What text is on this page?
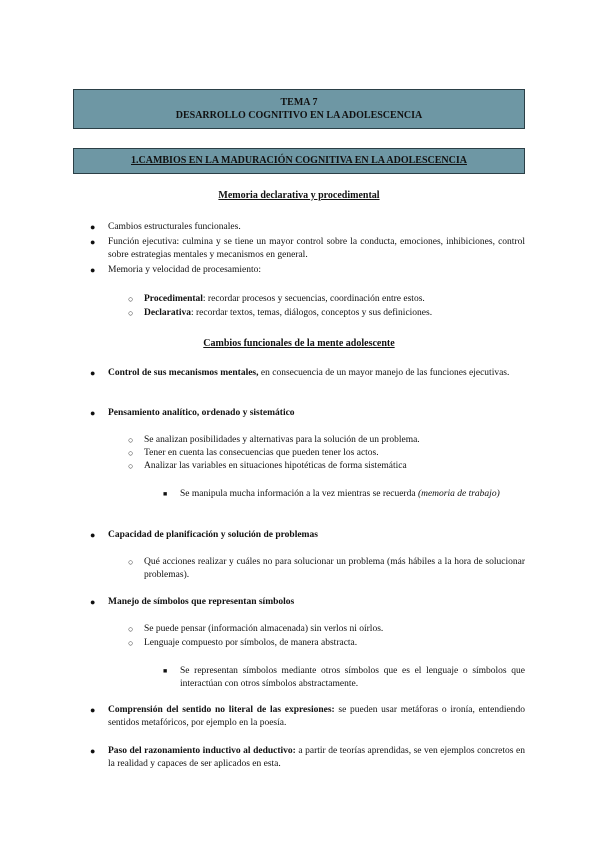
TEMA 7
DESARROLLO COGNITIVO EN LA ADOLESCENCIA
1.CAMBIOS EN LA MADURACIÓN COGNITIVA EN LA ADOLESCENCIA
Memoria declarativa y procedimental
● Cambios estructurales funcionales.
● Función ejecutiva: culmina y se tiene un mayor control sobre la conducta, emociones, inhibiciones, control sobre estrategias mentales y mecanismos en general.
● Memoria y velocidad de procesamiento:
○ Procedimental: recordar procesos y secuencias, coordinación entre estos.
○ Declarativa: recordar textos, temas, diálogos, conceptos y sus definiciones.
Cambios funcionales de la mente adolescente
● Control de sus mecanismos mentales, en consecuencia de un mayor manejo de las funciones ejecutivas.
● Pensamiento analítico, ordenado y sistemático
○ Se analizan posibilidades y alternativas para la solución de un problema.
○ Tener en cuenta las consecuencias que pueden tener los actos.
○ Analizar las variables en situaciones hipotéticas de forma sistemática
■ Se manipula mucha información a la vez mientras se recuerda (memoria de trabajo)
● Capacidad de planificación y solución de problemas
○ Qué acciones realizar y cuáles no para solucionar un problema (más hábiles a la hora de solucionar problemas).
● Manejo de símbolos que representan símbolos
○ Se puede pensar (información almacenada) sin verlos ni oírlos.
○ Lenguaje compuesto por símbolos, de manera abstracta.
■ Se representan símbolos mediante otros símbolos que es el lenguaje o símbolos que interactúan con otros símbolos abstractamente.
● Comprensión del sentido no literal de las expresiones: se pueden usar metáforas o ironía, entendiendo sentidos metafóricos, por ejemplo en la poesía.
● Paso del razonamiento inductivo al deductivo: a partir de teorías aprendidas, se ven ejemplos concretos en la realidad y capaces de ser aplicados en esta.
